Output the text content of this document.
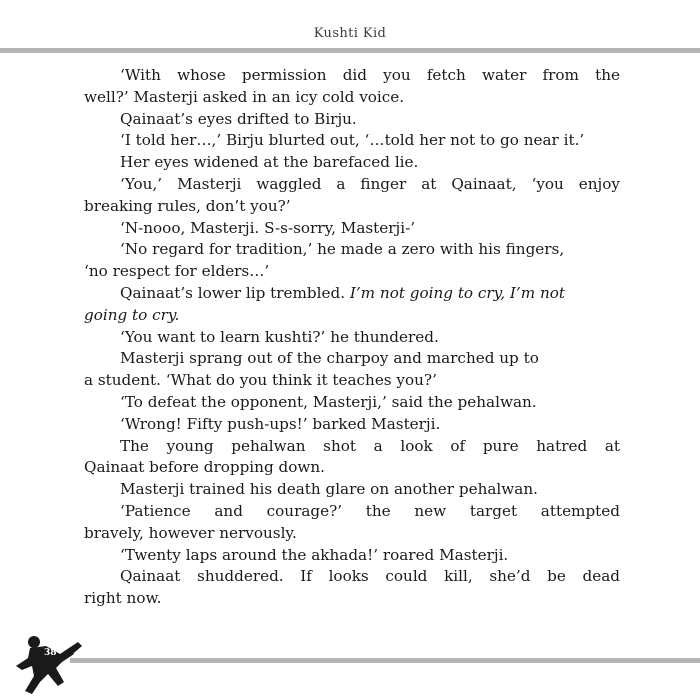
Kushti Kid
‘With whose permission did you fetch water from the
well?’ Masterji asked in an icy cold voice.
Qainaat’s eyes drifted to Birju.
‘I told her…,’ Birju blurted out, ‘…told her not to go near it.’
Her eyes widened at the barefaced lie.
‘You,’ Masterji waggled a finger at Qainaat, ‘you enjoy
breaking rules, don’t you?’
‘N-nooo, Masterji. S-s-sorry, Masterji-’
‘No regard for tradition,’ he made a zero with his fingers,
‘no respect for elders…’
Qainaat’s lower lip trembled. I’m not going to cry, I’m not
going to cry.
‘You want to learn kushti?’ he thundered.
Masterji sprang out of the charpoy and marched up to
a student. ‘What do you think it teaches you?’
‘To defeat the opponent, Masterji,’ said the pehalwan.
‘Wrong! Fifty push-ups!’ barked Masterji.
The young pehalwan shot a look of pure hatred at
Qainaat before dropping down.
Masterji trained his death glare on another pehalwan.
‘Patience and courage?’ the new target attempted
bravely, however nervously.
‘Twenty laps around the akhada!’ roared Masterji.
Qainaat shuddered. If looks could kill, she’d be dead
right now.
38
